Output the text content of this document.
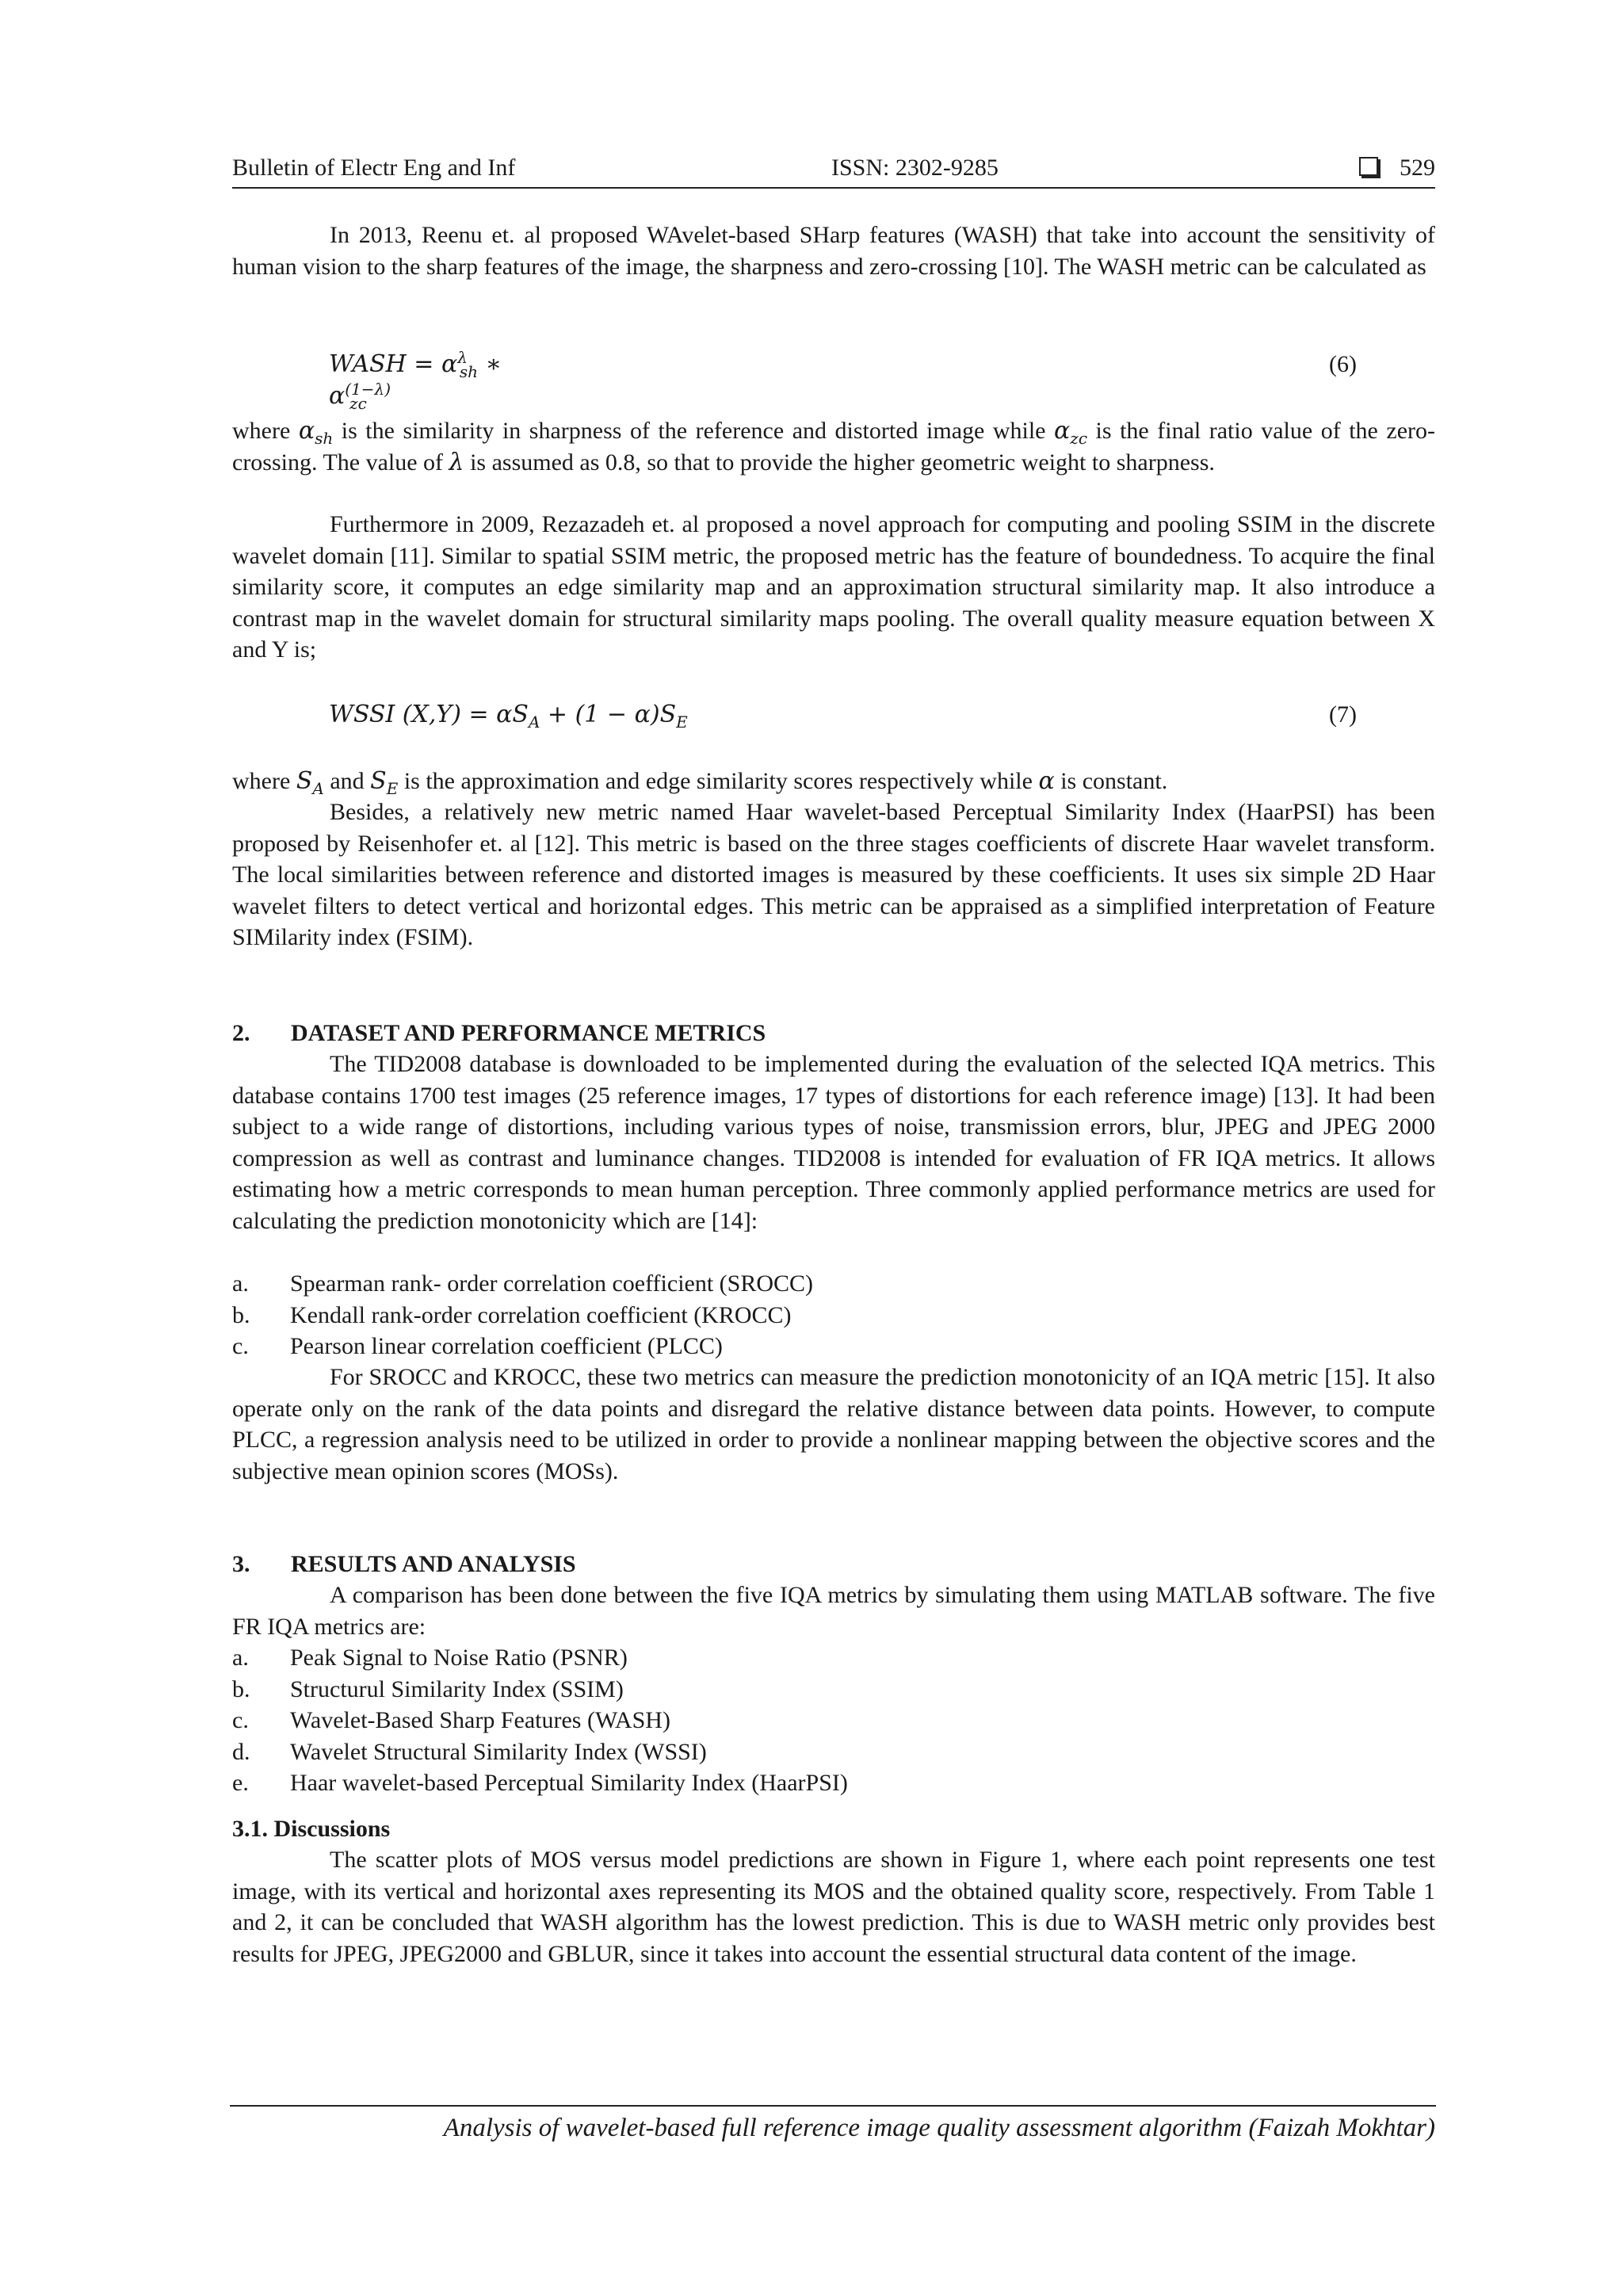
Bulletin of Electr Eng and Inf	ISSN: 2302-9285	529

In 2013, Reenu et. al proposed WAvelet-based SHarp features (WASH) that take into account the sensitivity of human vision to the sharp features of the image, the sharpness and zero-crossing [10]. The WASH metric can be calculated as

WASH = $\alpha^\lambda_{sh}$ ∗ $\alpha^{(1-\lambda)}_{zc}$
(6)

where $\alpha_{sh}$ is the similarity in sharpness of the reference and distorted image while $\alpha_{zc}$ is the final ratio value of the zero-crossing. The value of λ is assumed as 0.8, so that to provide the higher geometric weight to sharpness.

Furthermore in 2009, Rezazadeh et. al proposed a novel approach for computing and pooling SSIM in the discrete wavelet domain [11]. Similar to spatial SSIM metric, the proposed metric has the feature of boundedness. To acquire the final similarity score, it computes an edge similarity map and an approximation structural similarity map. It also introduce a contrast map in the wavelet domain for structural similarity maps pooling. The overall quality measure equation between X and Y is;

WSSI $(X,Y) = \alpha S_A + (1 - \alpha)S_E$	(7)

where $S_A$ and $S_E$ is the approximation and edge similarity scores respectively while α is constant.

Besides, a relatively new metric named Haar wavelet-based Perceptual Similarity Index (HaarPSI) has been proposed by Reisenhofer et. al [12]. This metric is based on the three stages coefficients of discrete Haar wavelet transform. The local similarities between reference and distorted images is measured by these coefficients. It uses six simple 2D Haar wavelet filters to detect vertical and horizontal edges. This metric can be appraised as a simplified interpretation of Feature SIMilarity index (FSIM).

2. DATASET AND PERFORMANCE METRICS

The TID2008 database is downloaded to be implemented during the evaluation of the selected IQA metrics. This database contains 1700 test images (25 reference images, 17 types of distortions for each reference image) [13]. It had been subject to a wide range of distortions, including various types of noise, transmission errors, blur, JPEG and JPEG 2000 compression as well as contrast and luminance changes. TID2008 is intended for evaluation of FR IQA metrics. It allows estimating how a metric corresponds to mean human perception. Three commonly applied performance metrics are used for calculating the prediction monotonicity which are [14]:

a. Spearman rank- order correlation coefficient (SROCC)
b. Kendall rank-order correlation coefficient (KROCC)
c. Pearson linear correlation coefficient (PLCC)

For SROCC and KROCC, these two metrics can measure the prediction monotonicity of an IQA metric [15]. It also operate only on the rank of the data points and disregard the relative distance between data points. However, to compute PLCC, a regression analysis need to be utilized in order to provide a nonlinear mapping between the objective scores and the subjective mean opinion scores (MOSs).

3. RESULTS AND ANALYSIS

A comparison has been done between the five IQA metrics by simulating them using MATLAB software. The five FR IQA metrics are:

a. Peak Signal to Noise Ratio (PSNR)
b. Structurul Similarity Index (SSIM)
c. Wavelet-Based Sharp Features (WASH)
d. Wavelet Structural Similarity Index (WSSI)
e. Haar wavelet-based Perceptual Similarity Index (HaarPSI)
3.1. Discussions

The scatter plots of MOS versus model predictions are shown in Figure 1, where each point represents one test image, with its vertical and horizontal axes representing its MOS and the obtained quality score, respectively. From Table 1 and 2, it can be concluded that WASH algorithm has the lowest prediction. This is due to WASH metric only provides best results for JPEG, JPEG2000 and GBLUR, since it takes into account the essential structural data content of the image.

Analysis of wavelet-based full reference image quality assessment algorithm (Faizah Mokhtar)
